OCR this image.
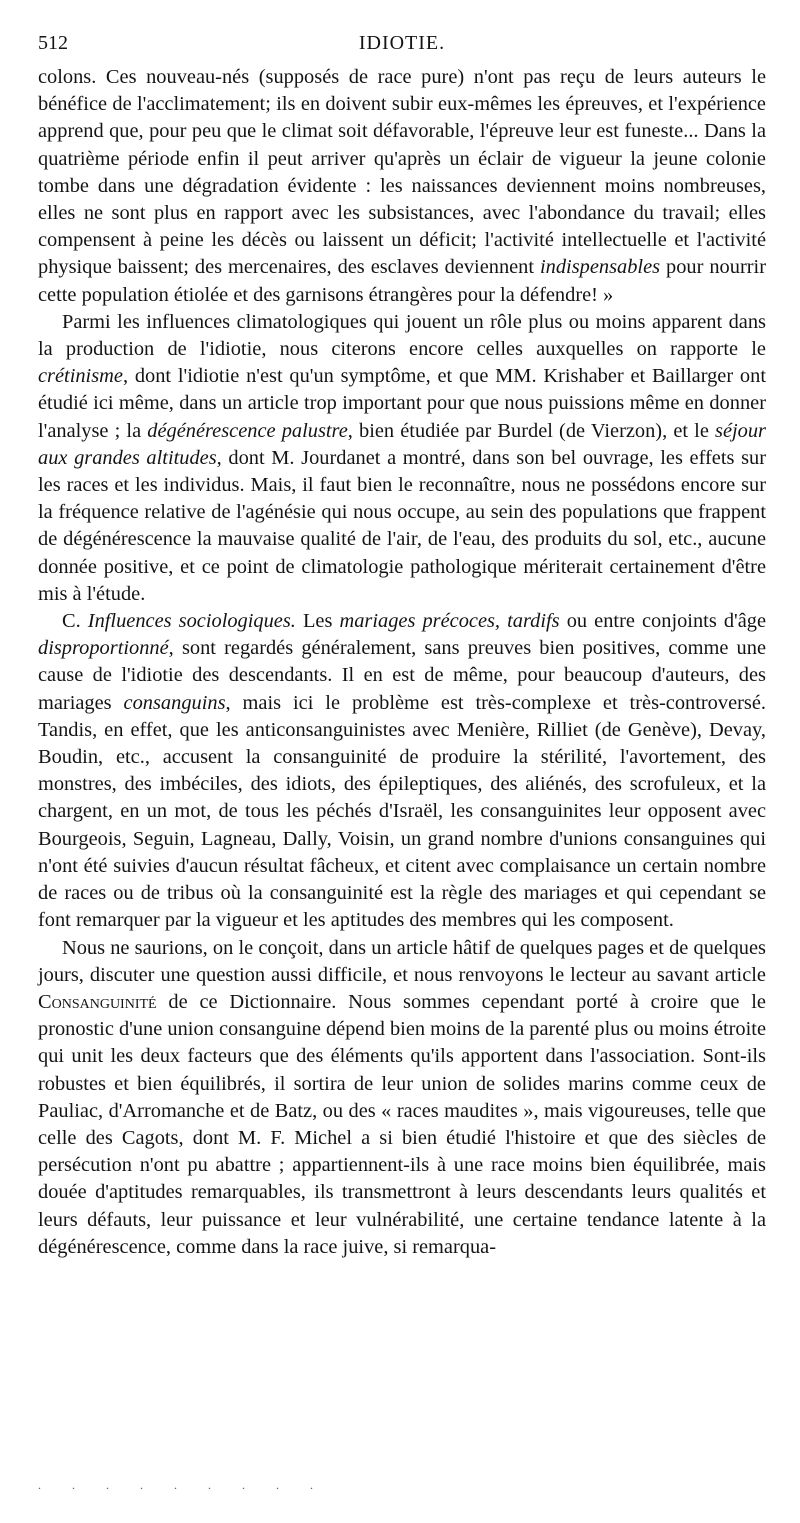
512	IDIOTIE.

colons. Ces nouveau-nés (supposés de race pure) n'ont pas reçu de leurs auteurs le bénéfice de l'acclimatement; ils en doivent subir eux-mêmes les épreuves, et l'expérience apprend que, pour peu que le climat soit défavorable, l'épreuve leur est funeste... Dans la quatrième période enfin il peut arriver qu'après un éclair de vigueur la jeune colonie tombe dans une dégradation évidente : les naissances deviennent moins nombreuses, elles ne sont plus en rapport avec les subsistances, avec l'abondance du travail; elles compensent à peine les décès ou laissent un déficit; l'activité intellectuelle et l'activité physique baissent; des mercenaires, des esclaves deviennent indispensables pour nourrir cette population étiolée et des garnisons étrangères pour la défendre! »

Parmi les influences climatologiques qui jouent un rôle plus ou moins apparent dans la production de l'idiotie, nous citerons encore celles auxquelles on rapporte le crétinisme, dont l'idiotie n'est qu'un symptôme, et que MM. Krishaber et Baillarger ont étudié ici même, dans un article trop important pour que nous puissions même en donner l'analyse ; la dégénérescence palustre, bien étudiée par Burdel (de Vierzon), et le séjour aux grandes altitudes, dont M. Jourdanet a montré, dans son bel ouvrage, les effets sur les races et les individus. Mais, il faut bien le reconnaître, nous ne possédons encore sur la fréquence relative de l'agénésie qui nous occupe, au sein des populations que frappent de dégénérescence la mauvaise qualité de l'air, de l'eau, des produits du sol, etc., aucune donnée positive, et ce point de climatologie pathologique mériterait certainement d'être mis à l'étude.

C. Influences sociologiques. Les mariages précoces, tardifs ou entre conjoints d'âge disproportionné, sont regardés généralement, sans preuves bien positives, comme une cause de l'idiotie des descendants. Il en est de même, pour beaucoup d'auteurs, des mariages consanguins, mais ici le problème est très-complexe et très-controversé. Tandis, en effet, que les anticonsanguinistes avec Menière, Rilliet (de Genève), Devay, Boudin, etc., accusent la consanguinité de produire la stérilité, l'avortement, des monstres, des imbéciles, des idiots, des épileptiques, des aliénés, des scrofuleux, et la chargent, en un mot, de tous les péchés d'Israël, les consanguinites leur opposent avec Bourgeois, Seguin, Lagneau, Dally, Voisin, un grand nombre d'unions consanguines qui n'ont été suivies d'aucun résultat fâcheux, et citent avec complaisance un certain nombre de races ou de tribus où la consanguinité est la règle des mariages et qui cependant se font remarquer par la vigueur et les aptitudes des membres qui les composent.

Nous ne saurions, on le conçoit, dans un article hâtif de quelques pages et de quelques jours, discuter une question aussi difficile, et nous renvoyons le lecteur au savant article Consanguinité de ce Dictionnaire. Nous sommes cependant porté à croire que le pronostic d'une union consanguine dépend bien moins de la parenté plus ou moins étroite qui unit les deux facteurs que des éléments qu'ils apportent dans l'association. Sont-ils robustes et bien équilibrés, il sortira de leur union de solides marins comme ceux de Pauliac, d'Arromanche et de Batz, ou des « races maudites », mais vigoureuses, telle que celle des Cagots, dont M. F. Michel a si bien étudié l'histoire et que des siècles de persécution n'ont pu abattre ; appartiennent-ils à une race moins bien équilibrée, mais douée d'aptitudes remarquables, ils transmettront à leurs descendants leurs qualités et leurs défauts, leur puissance et leur vulnérabilité, une certaine tendance latente à la dégénérescence, comme dans la race juive, si remarqua-

. . . . . . . . .
